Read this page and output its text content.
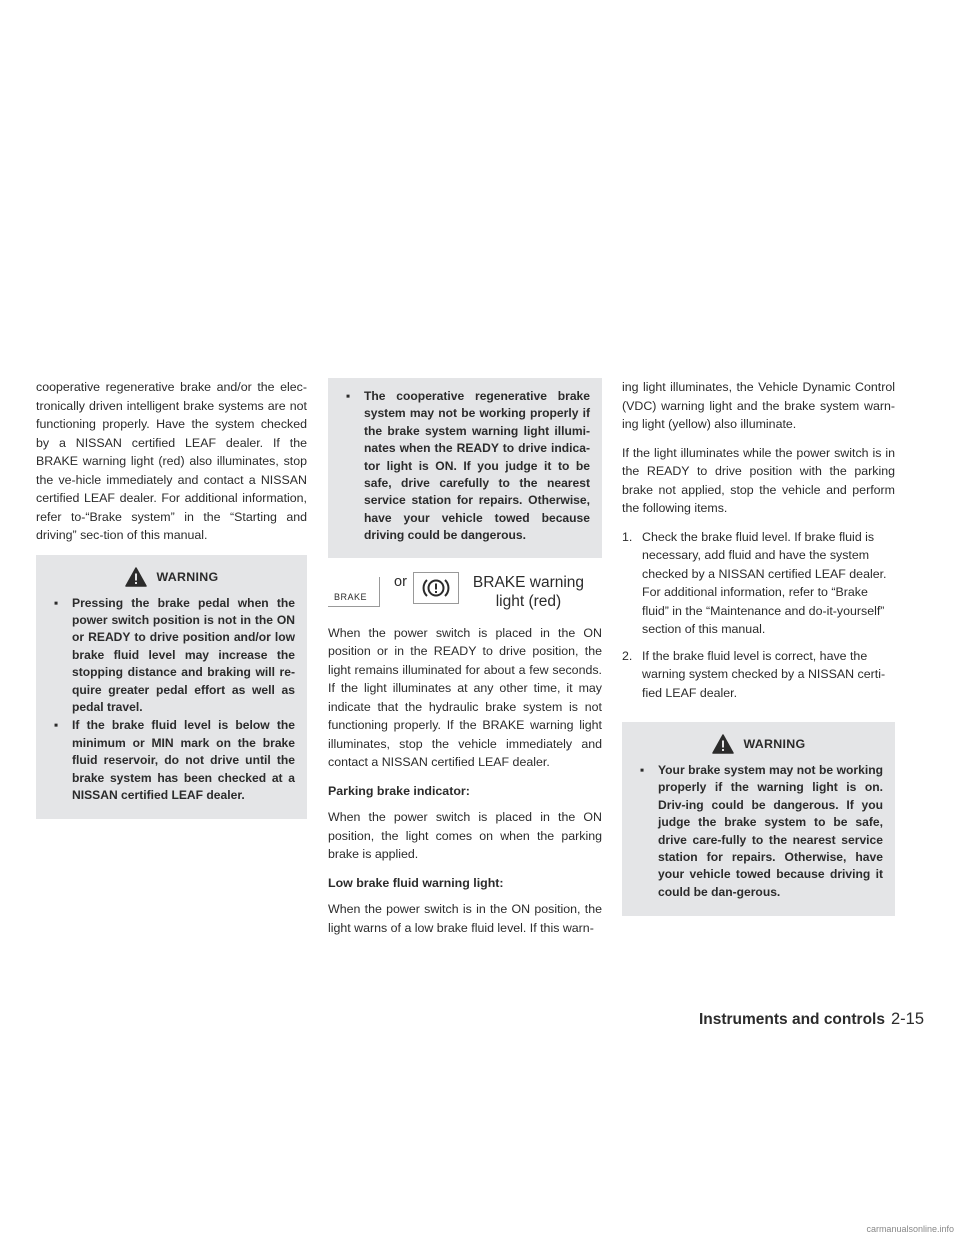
cooperative regenerative brake and/or the elec-tronically driven intelligent brake systems are not functioning properly. Have the system checked by a NISSAN certified LEAF dealer. If the BRAKE warning light (red) also illuminates, stop the ve-hicle immediately and contact a NISSAN certified LEAF dealer. For additional information, refer to-“Brake system” in the “Starting and driving” sec-tion of this manual.

WARNING
▪ Pressing the brake pedal when the power switch position is not in the ON or READY to drive position and/or low brake fluid level may increase the stopping distance and braking will re-quire greater pedal effort as well as pedal travel.
▪ If the brake fluid level is below the minimum or MIN mark on the brake fluid reservoir, do not drive until the brake system has been checked at a NISSAN certified LEAF dealer.
▪ The cooperative regenerative brake system may not be working properly if the brake system warning light illumi-nates when the READY to drive indica-tor light is ON. If you judge it to be safe, drive carefully to the nearest service station for repairs. Otherwise, have your vehicle towed because driving could be dangerous.
BRAKE
or	BRAKE warning
light (red)

When the power switch is placed in the ON position or in the READY to drive position, the light remains illuminated for about a few seconds. If the light illuminates at any other time, it may indicate that the hydraulic brake system is not functioning properly. If the BRAKE warning light illuminates, stop the vehicle immediately and contact a NISSAN certified LEAF dealer.

Parking brake indicator:

When the power switch is placed in the ON position, the light comes on when the parking brake is applied.

Low brake fluid warning light:

When the power switch is in the ON position, the light warns of a low brake fluid level. If this warn-

ing light illuminates, the Vehicle Dynamic Control (VDC) warning light and the brake system warn-ing light (yellow) also illuminate.

If the light illuminates while the power switch is in the READY to drive position with the parking brake not applied, stop the vehicle and perform the following items.

1. Check the brake fluid level. If brake fluid is necessary, add fluid and have the system checked by a NISSAN certified LEAF dealer. For additional information, refer to “Brake fluid” in the “Maintenance and do-it-yourself” section of this manual.
2. If the brake fluid level is correct, have the warning system checked by a NISSAN certi-fied LEAF dealer.
WARNING
▪ Your brake system may not be working properly if the warning light is on. Driv-ing could be dangerous. If you judge the brake system to be safe, drive care-fully to the nearest service station for repairs. Otherwise, have your vehicle towed because driving it could be dan-gerous.
Instruments and controls 2-15
carmanualsonline.info
